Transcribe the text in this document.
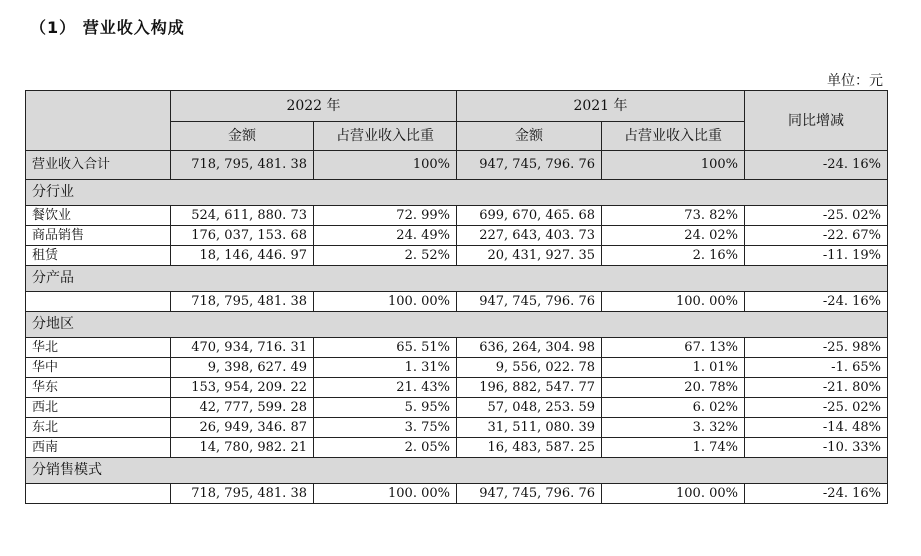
（1） 营业收入构成
单位：元
	2022 年		2021 年		同比增减
	金额	占营业收入比重	金额	占营业收入比重	
营业收入合计	718, 795, 481. 38	100%	947, 745, 796. 76	100%	-24. 16%
分行业					
餐饮业	524, 611, 880. 73	72. 99%	699, 670, 465. 68	73. 82%	-25. 02%
商品销售	176, 037, 153. 68	24. 49%	227, 643, 403. 73	24. 02%	-22. 67%
租赁	18, 146, 446. 97	2. 52%	20, 431, 927. 35	2. 16%	-11. 19%
分产品					
	718, 795, 481. 38	100. 00%	947, 745, 796. 76	100. 00%	-24. 16%
分地区					
华北	470, 934, 716. 31	65. 51%	636, 264, 304. 98	67. 13%	-25. 98%
华中	9, 398, 627. 49	1. 31%	9, 556, 022. 78	1. 01%	-1. 65%
华东	153, 954, 209. 22	21. 43%	196, 882, 547. 77	20. 78%	-21. 80%
西北	42, 777, 599. 28	5. 95%	57, 048, 253. 59	6. 02%	-25. 02%
东北	26, 949, 346. 87	3. 75%	31, 511, 080. 39	3. 32%	-14. 48%
西南	14, 780, 982. 21	2. 05%	16, 483, 587. 25	1. 74%	-10. 33%
分销售模式					
	718, 795, 481. 38	100. 00%	947, 745, 796. 76	100. 00%	-24. 16%
